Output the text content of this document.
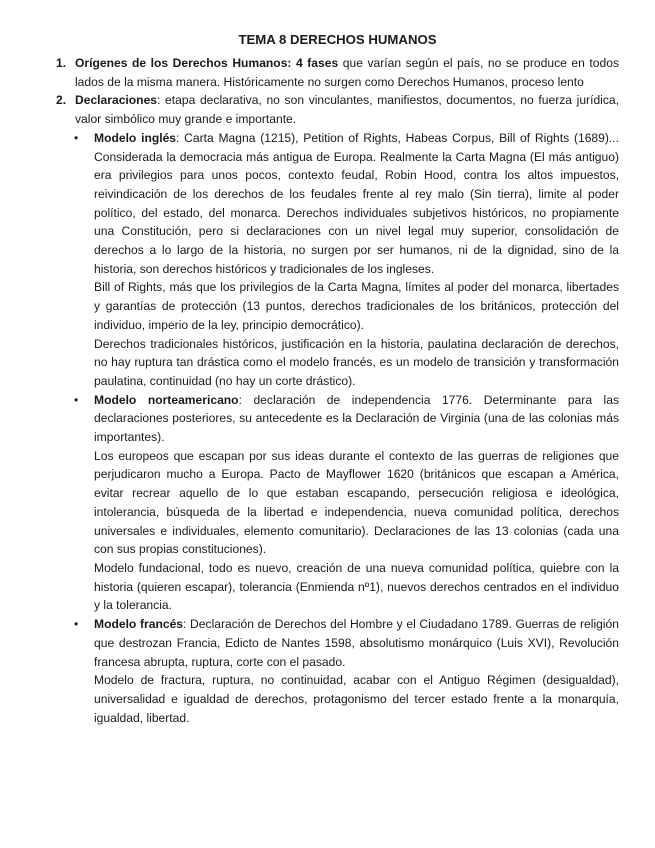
TEMA 8 DERECHOS HUMANOS
1. Orígenes de los Derechos Humanos: 4 fases que varían según el país, no se produce en todos lados de la misma manera. Históricamente no surgen como Derechos Humanos, proceso lento
2. Declaraciones: etapa declarativa, no son vinculantes, manifiestos, documentos, no fuerza jurídica, valor simbólico muy grande e importante.
• Modelo inglés: Carta Magna (1215), Petition of Rights, Habeas Corpus, Bill of Rights (1689)... Considerada la democracia más antigua de Europa. Realmente la Carta Magna (El más antiguo) era privilegios para unos pocos, contexto feudal, Robin Hood, contra los altos impuestos, reivindicación de los derechos de los feudales frente al rey malo (Sin tierra), limite al poder político, del estado, del monarca. Derechos individuales subjetivos históricos, no propiamente una Constitución, pero si declaraciones con un nivel legal muy superior, consolidación de derechos a lo largo de la historia, no surgen por ser humanos, ni de la dignidad, sino de la historia, son derechos históricos y tradicionales de los ingleses.

Bill of Rights, más que los privilegios de la Carta Magna, límites al poder del monarca, libertades y garantías de protección (13 puntos, derechos tradicionales de los británicos, protección del individuo, imperio de la ley, principio democrático).

Derechos tradicionales históricos, justificación en la historia, paulatina declaración de derechos, no hay ruptura tan drástica como el modelo francés, es un modelo de transición y transformación paulatina, continuidad (no hay un corte drástico).

• Modelo norteamericano: declaración de independencia 1776. Determinante para las declaraciones posteriores, su antecedente es la Declaración de Virginia (una de las colonias más importantes).

Los europeos que escapan por sus ideas durante el contexto de las guerras de religiones que perjudicaron mucho a Europa. Pacto de Mayflower 1620 (británicos que escapan a América, evitar recrear aquello de lo que estaban escapando, persecución religiosa e ideológica, intolerancia, búsqueda de la libertad e independencia, nueva comunidad política, derechos universales e individuales, elemento comunitario). Declaraciones de las 13 colonias (cada una con sus propias constituciones).

Modelo fundacional, todo es nuevo, creación de una nueva comunidad política, quiebre con la historia (quieren escapar), tolerancia (Enmienda nº1), nuevos derechos centrados en el individuo y la tolerancia.

• Modelo francés: Declaración de Derechos del Hombre y el Ciudadano 1789. Guerras de religión que destrozan Francia, Edicto de Nantes 1598, absolutismo monárquico (Luis XVI), Revolución francesa abrupta, ruptura, corte con el pasado.

Modelo de fractura, ruptura, no continuidad, acabar con el Antiguo Régimen (desigualdad), universalidad e igualdad de derechos, protagonismo del tercer estado frente a la monarquía, igualdad, libertad.
